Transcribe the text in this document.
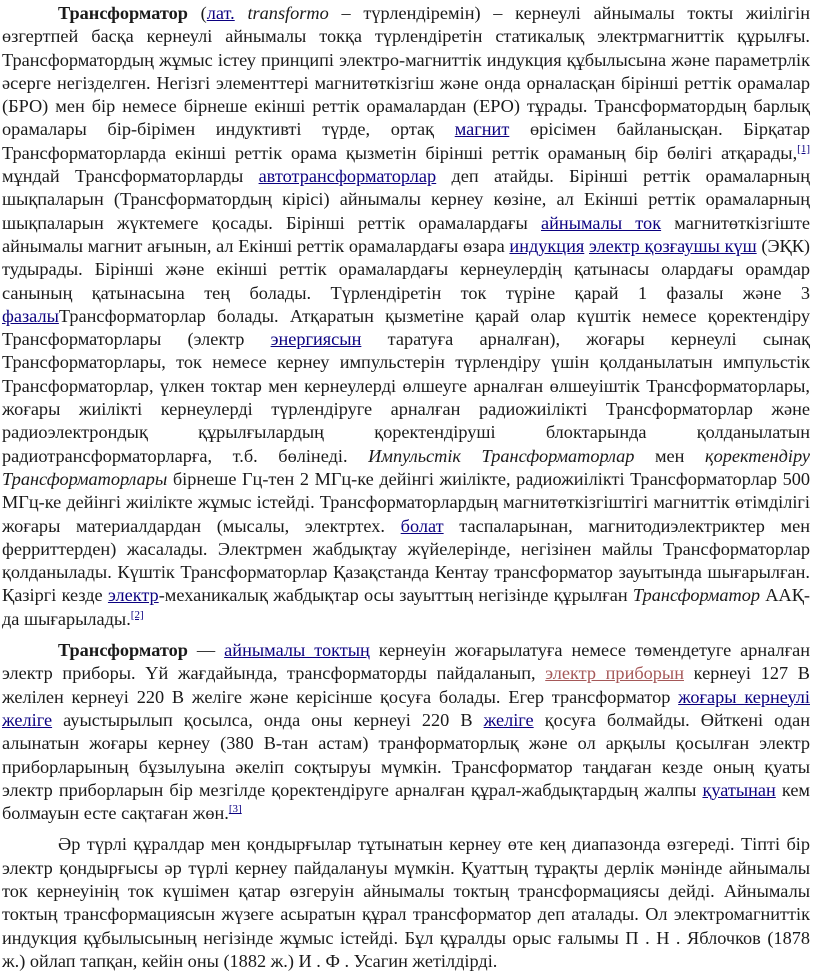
Трансформатор (лат. transformo – түрлендіремін) – кернеулі айнымалы токты жиілігін өзгертпей басқа кернеулі айнымалы токқа түрлендіретін статикалық электрмагниттік құрылғы. Трансформатордың жұмыс істеу принципі электро-магниттік индукция құбылысына және параметрлік әсерге негізделген. Негізгі элементтері магнитөткізгіш және онда орналасқан бірінші реттік орамалар (БРО) мен бір немесе бірнеше екінші реттік орамалардан (ЕРО) тұрады. Трансформатордың барлық орамалары бір-бірімен индуктивті түрде, ортақ магнит өрісімен байланысқан. Бірқатар Трансформаторларда екінші реттік орама қызметін бірінші реттік ораманың бір бөлігі атқарады,[1] мұндай Трансформаторларды автотрансформаторлар деп атайды. Бірінші реттік орамаларның шықпаларын (Трансформатордың кірісі) айнымалы кернеу көзіне, ал Екінші реттік орамаларның шықпаларын жүктемеге қосады. Бірінші реттік орамалардағы айнымалы ток магнитөткізгіште айнымалы магнит ағынын, ал Екінші реттік орамалардағы өзара индукция электр қозғаушы күш (ЭҚК) тудырады. Бірінші және екінші реттік орамалардағы кернеулердің қатынасы олардағы орамдар санының қатынасына тең болады. Түрлендіретін ток түріне қарай 1 фазалы және 3 фазалыТрансформаторлар болады. Атқаратын қызметіне қарай олар күштік немесе қоректендіру Трансформаторлары (электр энергиясын таратуға арналған), жоғары кернеулі сынақ Трансформаторлары, ток немесе кернеу импульстерін түрлендіру үшін қолданылатын импульстік Трансформаторлар, үлкен токтар мен кернеулерді өлшеуге арналған өлшеуіштік Трансформаторлары, жоғары жиілікті кернеулерді түрлендіруге арналған радиожиілікті Трансформаторлар және радиоэлектрондық құрылғылардың қоректендіруші блоктарында қолданылатын радиотрансформаторларға, т.б. бөлінеді. Импульстік Трансформаторлар мен қоректендіру Трансформаторлары бірнеше Гц-тен 2 МГц-ке дейінгі жиілікте, радиожиілікті Трансформаторлар 500 МГц-ке дейінгі жиілікте жұмыс істейді. Трансформаторлардың магнитөткізгіштігі магниттік өтімділігі жоғары материалдардан (мысалы, электртех. болат таспаларынан, магнитодиэлектриктер мен ферриттерден) жасалады. Электрмен жабдықтау жүйелерінде, негізінен майлы Трансформаторлар қолданылады. Күштік Трансформаторлар Қазақстанда Кентау трансформатор зауытында шығарылған. Қазіргі кезде электр-механикалық жабдықтар осы зауыттың негізінде құрылған Трансформатор ААҚ-да шығарылады.[2]

Трансформатор — айнымалы токтың кернеуін жоғарылатуға немесе төмендетуге арналған электр приборы. Үй жағдайында, трансформаторды пайдаланып, электр приборын кернеуі 127 В желілен кернеуі 220 В желіге және керісінше қосуға болады. Егер трансформатор жоғары кернеулі желіге ауыстырылып қосылса, онда оны кернеуі 220 В желіге қосуға болмайды. Өйткені одан алынатын жоғары кернеу (380 В-тан астам) транформаторлық және ол арқылы қосылған электр приборларының бұзылуына әкеліп соқтыруы мүмкін. Трансформатор таңдаған кезде оның қуаты электр приборларын бір мезгілде қоректендіруге арналған құрал-жабдықтардың жалпы қуатынан кем болмауын есте сақтаған жөн.[3]

Әр түрлі құралдар мен қондырғылар тұтынатын кернеу өте кең диапазонда өзгереді. Тіпті бір электр қондырғысы әр түрлі кернеу пайдалануы мүмкін. Қуаттың тұрақты дерлік мәнінде айнымалы ток кернеуінің ток күшімен қатар өзгеруін айнымалы токтың трансформациясы дейді. Айнымалы токтың трансформациясын жүзеге асыратын құрал трансформатор деп аталады. Ол электромагниттік индукция құбылысының негізінде жұмыс істейді. Бұл құралды орыс ғалымы П . Н . Яблочков (1878 ж.) ойлап тапқан, кейін оны (1882 ж.) И . Ф . Усагин жетілдірді.
